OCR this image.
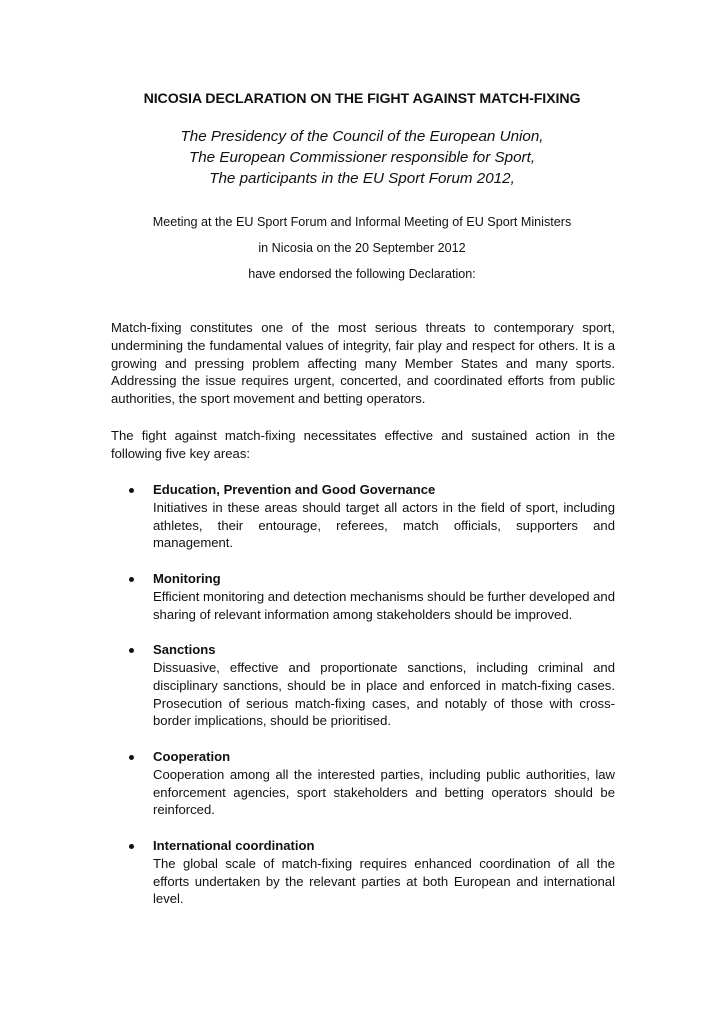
NICOSIA DECLARATION ON THE FIGHT AGAINST MATCH-FIXING
The Presidency of the Council of the European Union,
The European Commissioner responsible for Sport,
The participants in the EU Sport Forum 2012,
Meeting at the EU Sport Forum and Informal Meeting of EU Sport Ministers
in Nicosia on the 20 September 2012
have endorsed the following Declaration:

Match-fixing constitutes one of the most serious threats to contemporary sport, undermining the fundamental values of integrity, fair play and respect for others. It is a growing and pressing problem affecting many Member States and many sports. Addressing the issue requires urgent, concerted, and coordinated efforts from public authorities, the sport movement and betting operators.

The fight against match-fixing necessitates effective and sustained action in the following five key areas:

Education, Prevention and Good Governance
Initiatives in these areas should target all actors in the field of sport, including athletes, their entourage, referees, match officials, supporters and management.
Monitoring
Efficient monitoring and detection mechanisms should be further developed and sharing of relevant information among stakeholders should be improved.
Sanctions
Dissuasive, effective and proportionate sanctions, including criminal and disciplinary sanctions, should be in place and enforced in match-fixing cases. Prosecution of serious match-fixing cases, and notably of those with cross-border implications, should be prioritised.
Cooperation
Cooperation among all the interested parties, including public authorities, law enforcement agencies, sport stakeholders and betting operators should be reinforced.
International coordination
The global scale of match-fixing requires enhanced coordination of all the efforts undertaken by the relevant parties at both European and international level.
